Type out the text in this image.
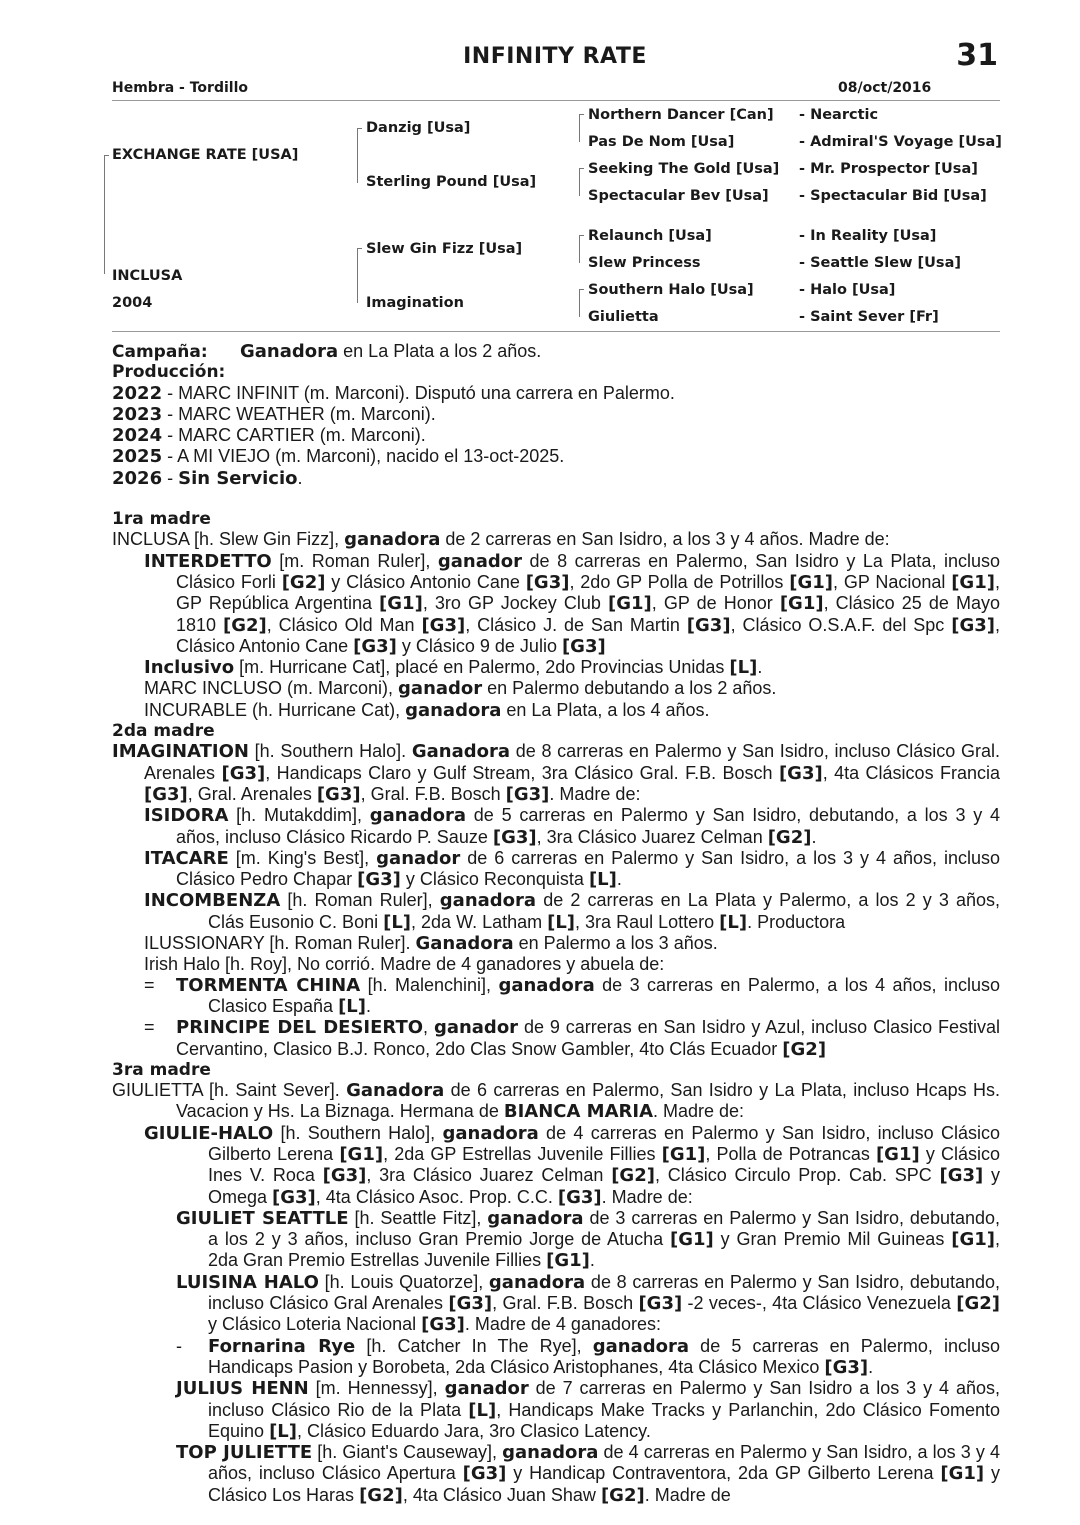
INFINITY RATE	31
Hembra - Tordillo	08/oct/2016
EXCHANGE RATE [USA]
INCLUSA
2004
Danzig [Usa]
Sterling Pound [Usa]
Slew Gin Fizz [Usa]
Imagination
Northern Dancer [Can]
Pas De Nom [Usa]
Seeking The Gold [Usa]
Spectacular Bev [Usa]
Relaunch [Usa]
Slew Princess
Southern Halo [Usa]
Giulietta
- Nearctic
- Admiral'S Voyage [Usa]
- Mr. Prospector [Usa]
- Spectacular Bid [Usa]
- In Reality [Usa]
- Seattle Slew [Usa]
- Halo [Usa]
- Saint Sever [Fr]

Campaña: Ganadora en La Plata a los 2 años.

Producción:

2022 - MARC INFINIT (m. Marconi). Disputó una carrera en Palermo.

2023 - MARC WEATHER (m. Marconi).

2024 - MARC CARTIER (m. Marconi).

2025 - A MI VIEJO (m. Marconi), nacido el 13-oct-2025.

2026 - Sin Servicio.

1ra madre

INCLUSA [h. Slew Gin Fizz], ganadora de 2 carreras en San Isidro, a los 3 y 4 años. Madre de:

INTERDETTO [m. Roman Ruler], ganador de 8 carreras en Palermo, San Isidro y La Plata, incluso Clásico Forli [G2] y Clásico Antonio Cane [G3], 2do GP Polla de Potrillos [G1], GP Nacional [G1], GP República Argentina [G1], 3ro GP Jockey Club [G1], GP de Honor [G1], Clásico 25 de Mayo 1810 [G2], Clásico Old Man [G3], Clásico J. de San Martin [G3], Clásico O.S.A.F. del Spc [G3], Clásico Antonio Cane [G3] y Clásico 9 de Julio [G3]

Inclusivo [m. Hurricane Cat], placé en Palermo, 2do Provincias Unidas [L].

MARC INCLUSO (m. Marconi), ganador en Palermo debutando a los 2 años.

INCURABLE (h. Hurricane Cat), ganadora en La Plata, a los 4 años.

2da madre

IMAGINATION [h. Southern Halo]. Ganadora de 8 carreras en Palermo y San Isidro, incluso Clásico Gral. Arenales [G3], Handicaps Claro y Gulf Stream, 3ra Clásico Gral. F.B. Bosch [G3], 4ta Clásicos Francia [G3], Gral. Arenales [G3], Gral. F.B. Bosch [G3]. Madre de:

ISIDORA [h. Mutakddim], ganadora de 5 carreras en Palermo y San Isidro, debutando, a los 3 y 4 años, incluso Clásico Ricardo P. Sauze [G3], 3ra Clásico Juarez Celman [G2].

ITACARE [m. King's Best], ganador de 6 carreras en Palermo y San Isidro, a los 3 y 4 años, incluso Clásico Pedro Chapar [G3] y Clásico Reconquista [L].

INCOMBENZA [h. Roman Ruler], ganadora de 2 carreras en La Plata y Palermo, a los 2 y 3 años, Clás Eusonio C. Boni [L], 2da W. Latham [L], 3ra Raul Lottero [L]. Productora

ILUSSIONARY [h. Roman Ruler]. Ganadora en Palermo a los 3 años.

Irish Halo [h. Roy], No corrió. Madre de 4 ganadores y abuela de:

= TORMENTA CHINA [h. Malenchini], ganadora de 3 carreras en Palermo, a los 4 años, incluso Clasico España [L].

= PRINCIPE DEL DESIERTO, ganador de 9 carreras en San Isidro y Azul, incluso Clasico Festival Cervantino, Clasico B.J. Ronco, 2do Clas Snow Gambler, 4to Clás Ecuador [G2]

3ra madre

GIULIETTA [h. Saint Sever]. Ganadora de 6 carreras en Palermo, San Isidro y La Plata, incluso Hcaps Hs. Vacacion y Hs. La Biznaga. Hermana de BIANCA MARIA. Madre de:

GIULIE-HALO [h. Southern Halo], ganadora de 4 carreras en Palermo y San Isidro, incluso Clásico Gilberto Lerena [G1], 2da GP Estrellas Juvenile Fillies [G1], Polla de Potrancas [G1] y Clásico Ines V. Roca [G3], 3ra Clásico Juarez Celman [G2], Clásico Circulo Prop. Cab. SPC [G3] y Omega [G3], 4ta Clásico Asoc. Prop. C.C. [G3]. Madre de:

GIULIET SEATTLE [h. Seattle Fitz], ganadora de 3 carreras en Palermo y San Isidro, debutando, a los 2 y 3 años, incluso Gran Premio Jorge de Atucha [G1] y Gran Premio Mil Guineas [G1], 2da Gran Premio Estrellas Juvenile Fillies [G1].

LUISINA HALO [h. Louis Quatorze], ganadora de 8 carreras en Palermo y San Isidro, debutando, incluso Clásico Gral Arenales [G3], Gral. F.B. Bosch [G3] -2 veces-, 4ta Clásico Venezuela [G2] y Clásico Loteria Nacional [G3]. Madre de 4 ganadores:

- Fornarina Rye [h. Catcher In The Rye], ganadora de 5 carreras en Palermo, incluso Handicaps Pasion y Borobeta, 2da Clásico Aristophanes, 4ta Clásico Mexico [G3].

JULIUS HENN [m. Hennessy], ganador de 7 carreras en Palermo y San Isidro a los 3 y 4 años, incluso Clásico Rio de la Plata [L], Handicaps Make Tracks y Parlanchin, 2do Clásico Fomento Equino [L], Clásico Eduardo Jara, 3ro Clasico Latency.

TOP JULIETTE [h. Giant's Causeway], ganadora de 4 carreras en Palermo y San Isidro, a los 3 y 4 años, incluso Clásico Apertura [G3] y Handicap Contraventora, 2da GP Gilberto Lerena [G1] y Clásico Los Haras [G2], 4ta Clásico Juan Shaw [G2]. Madre de
